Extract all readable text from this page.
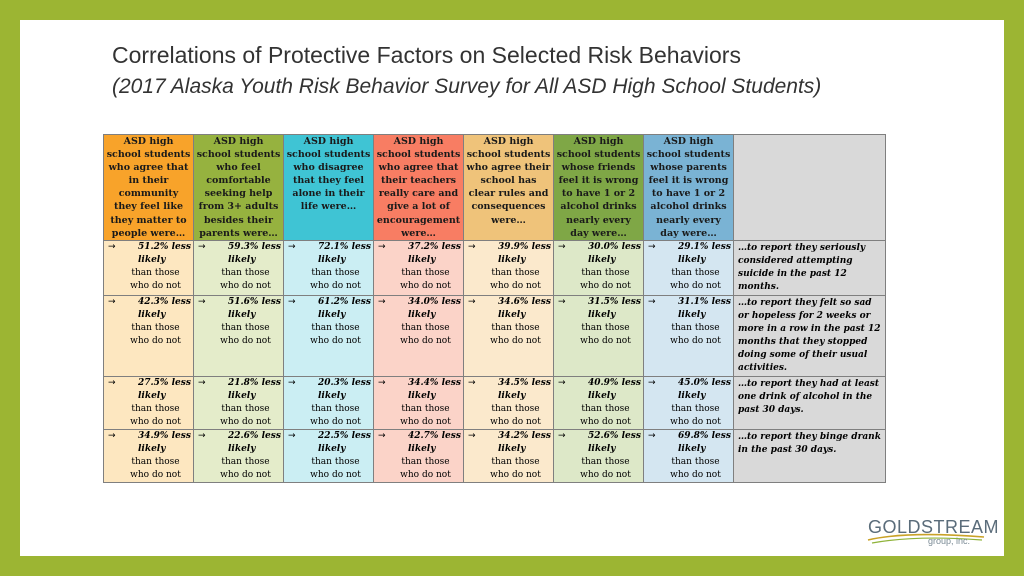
Correlations of Protective Factors on Selected Risk Behaviors
(2017 Alaska Youth Risk Behavior Survey for All ASD High School Students)
ASD high school students who agree that in their community they feel like they matter to people were…	ASD high school students who feel comfortable seeking help from 3+ adults besides their parents were…	ASD high school students who disagree that they feel alone in their life were…	ASD high school students who agree that their teachers really care and give a lot of encouragement were…	ASD high school students who agree their school has clear rules and consequences were…	ASD high school students whose friends feel it is wrong to have 1 or 2 alcohol drinks nearly every day were…	ASD high school students whose parents feel it is wrong to have 1 or 2 alcohol drinks nearly every day were…	

→ 51.2% less
likely
than those
who do not	→ 59.3% less
likely
than those
who do not	→ 72.1% less
likely
than those
who do not	→ 37.2% less
likely
than those
who do not	→ 39.9% less
likely
than those
who do not	→ 30.0% less
likely
than those
who do not	→ 29.1% less
likely
than those
who do not	…to report they seriously considered attempting suicide in the past 12 months.

→ 42.3% less
likely
than those
who do not	→ 51.6% less
likely
than those
who do not	→ 61.2% less
likely
than those
who do not	→ 34.0% less
likely
than those
who do not	→ 34.6% less
likely
than those
who do not	→ 31.5% less
likely
than those
who do not	→ 31.1% less
likely
than those
who do not	…to report they felt so sad or hopeless for 2 weeks or more in a row in the past 12 months that they stopped doing some of their usual activities.

→ 27.5% less
likely
than those
who do not	→ 21.8% less
likely
than those
who do not	→ 20.3% less
likely
than those
who do not	→ 34.4% less
likely
than those
who do not	→ 34.5% less
likely
than those
who do not	→ 40.9% less
likely
than those
who do not	→ 45.0% less
likely
than those
who do not	…to report they had at least one drink of alcohol in the past 30 days.

→ 34.9% less
likely
than those
who do not	→ 22.6% less
likely
than those
who do not	→ 22.5% less
likely
than those
who do not	→ 42.7% less
likely
than those
who do not	→ 34.2% less
likely
than those
who do not	→ 52.6% less
likely
than those
who do not	→ 69.8% less
likely
than those
who do not	…to report they binge drank in the past 30 days.
GOLDSTREAM
group, inc.
